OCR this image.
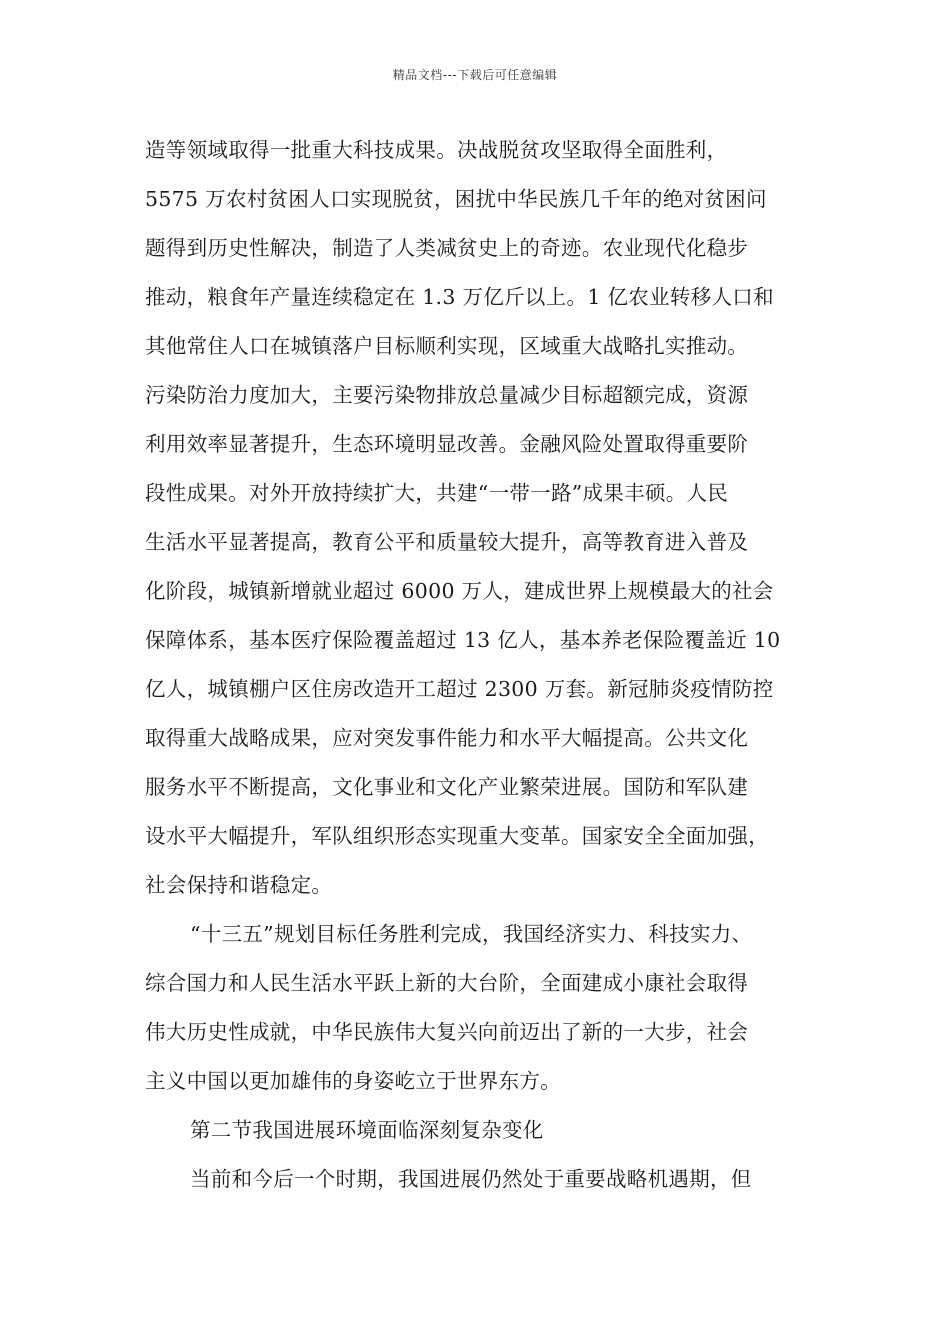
精品文档---下载后可任意编辑
造等领域取得一批重大科技成果。决战脱贫攻坚取得全面胜利，
5575 万农村贫困人口实现脱贫，困扰中华民族几千年的绝对贫困问
题得到历史性解决，制造了人类减贫史上的奇迹。农业现代化稳步
推动，粮食年产量连续稳定在 1.3 万亿斤以上。1 亿农业转移人口和
其他常住人口在城镇落户目标顺利实现，区域重大战略扎实推动。
污染防治力度加大，主要污染物排放总量减少目标超额完成，资源
利用效率显著提升，生态环境明显改善。金融风险处置取得重要阶
段性成果。对外开放持续扩大，共建“一带一路”成果丰硕。人民
生活水平显著提高，教育公平和质量较大提升，高等教育进入普及
化阶段，城镇新增就业超过 6000 万人，建成世界上规模最大的社会
保障体系，基本医疗保险覆盖超过 13 亿人，基本养老保险覆盖近 10
亿人，城镇棚户区住房改造开工超过 2300 万套。新冠肺炎疫情防控
取得重大战略成果，应对突发事件能力和水平大幅提高。公共文化
服务水平不断提高，文化事业和文化产业繁荣进展。国防和军队建
设水平大幅提升，军队组织形态实现重大变革。国家安全全面加强，
社会保持和谐稳定。
“十三五”规划目标任务胜利完成，我国经济实力、科技实力、
综合国力和人民生活水平跃上新的大台阶，全面建成小康社会取得
伟大历史性成就，中华民族伟大复兴向前迈出了新的一大步，社会
主义中国以更加雄伟的身姿屹立于世界东方。
第二节我国进展环境面临深刻复杂变化
当前和今后一个时期，我国进展仍然处于重要战略机遇期，但
